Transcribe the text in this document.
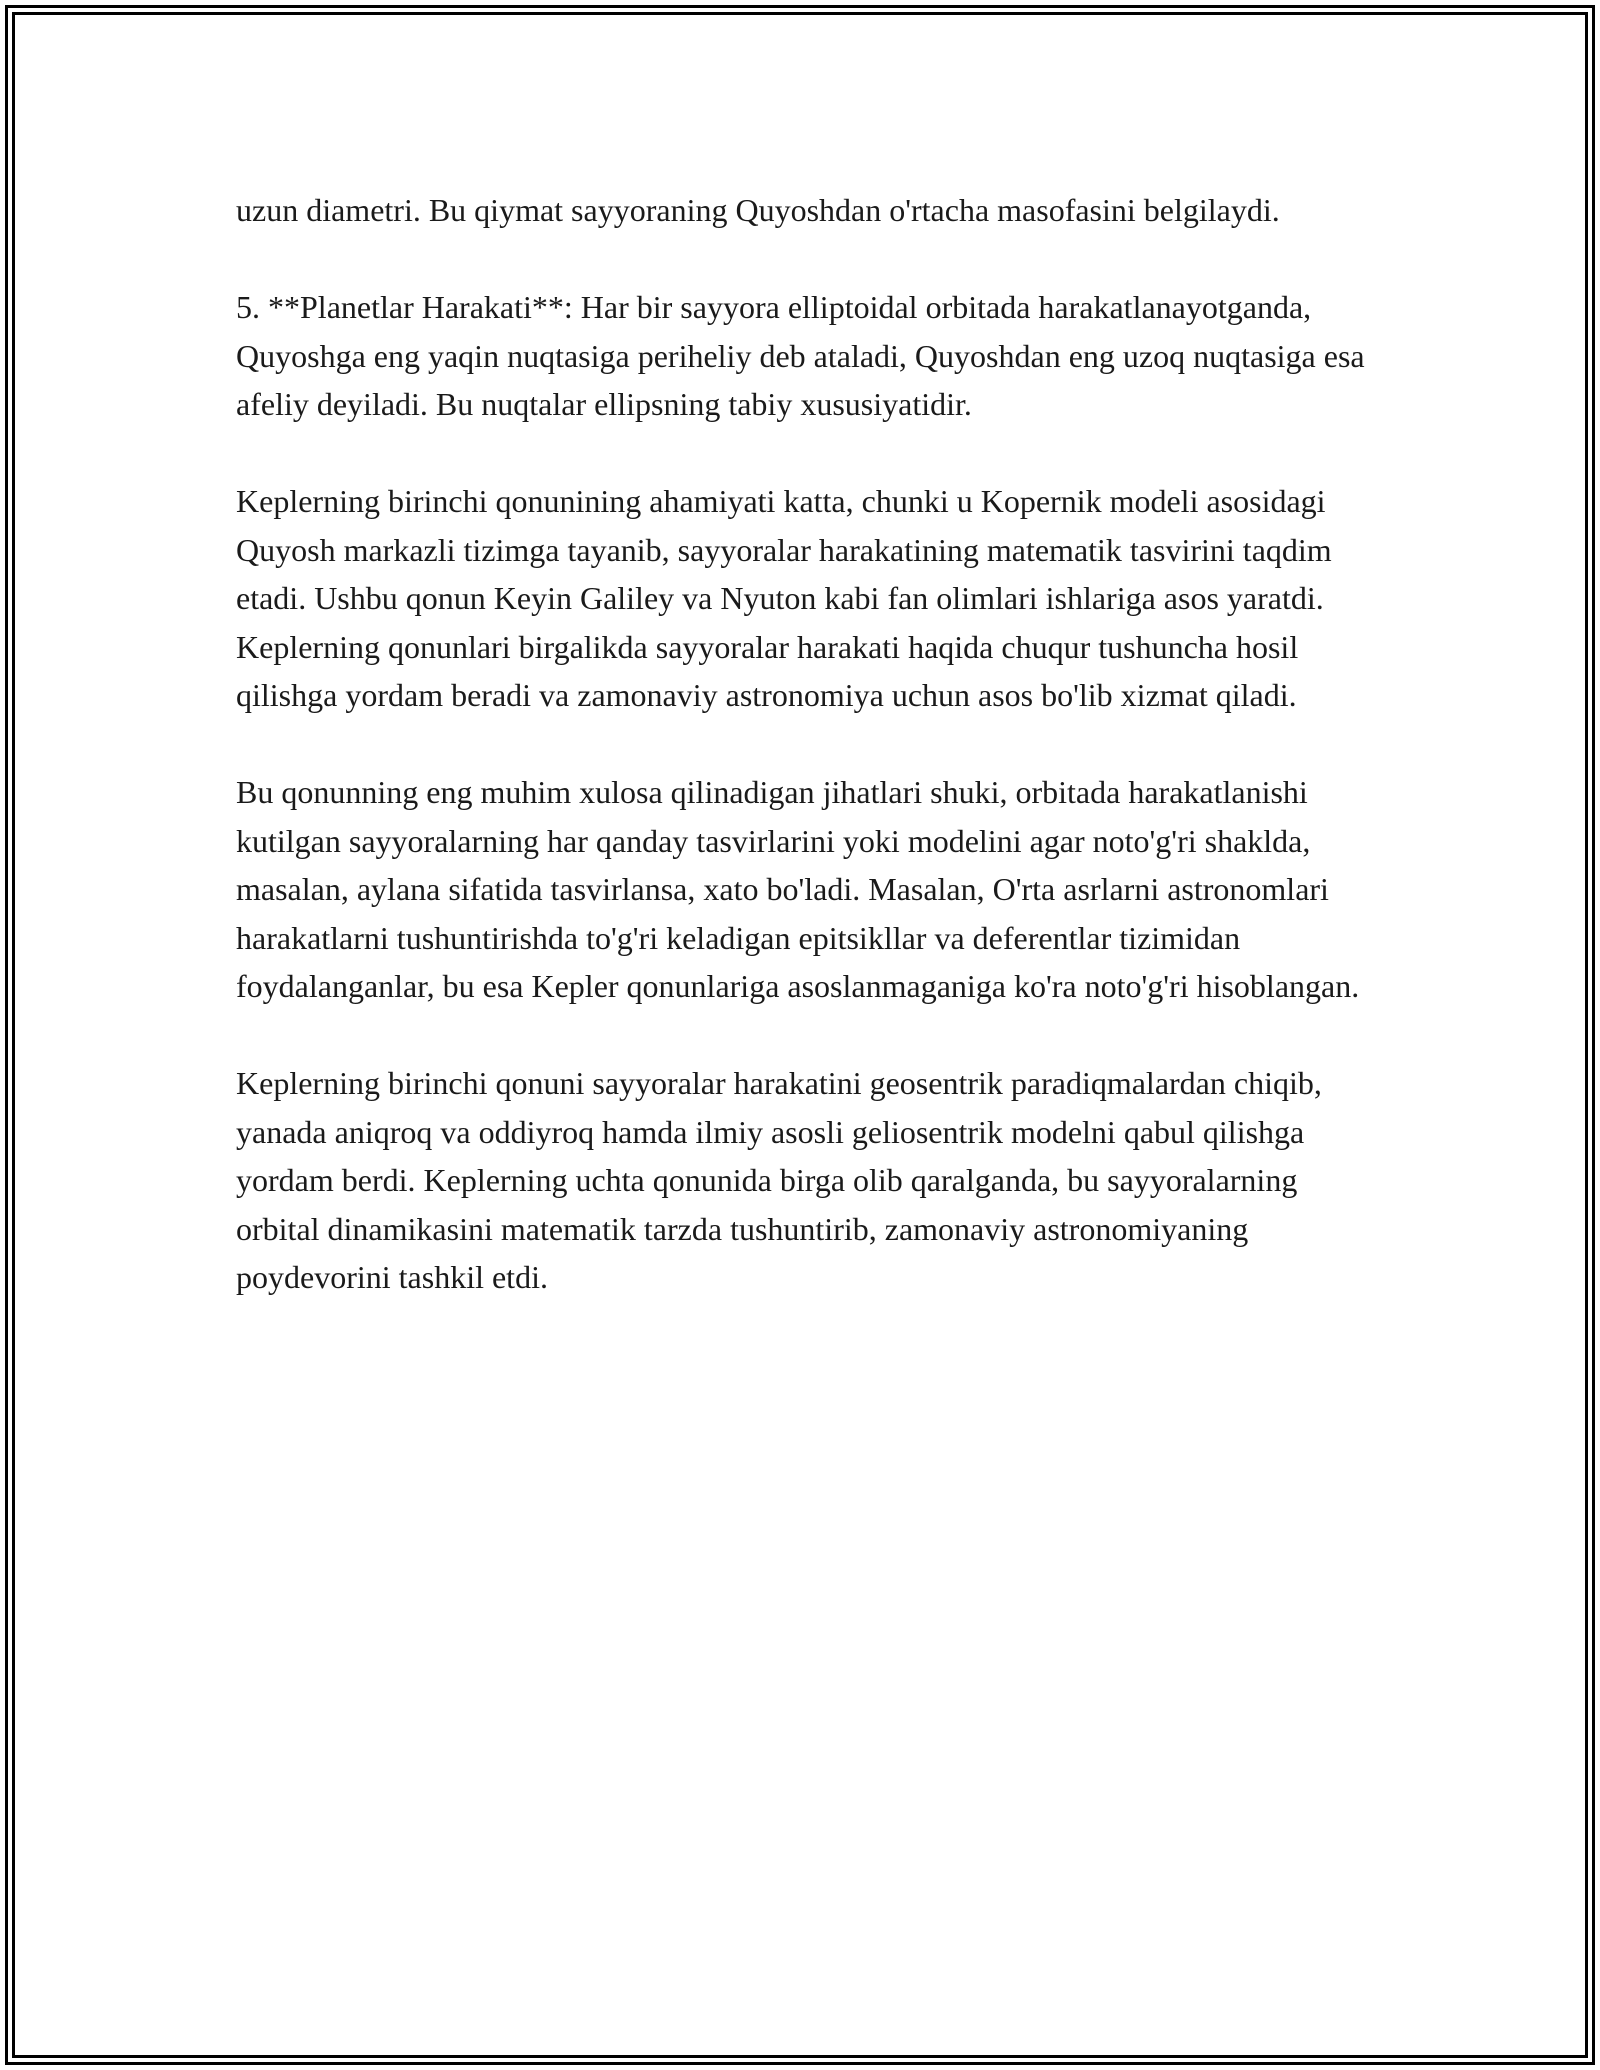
uzun diametri. Bu qiymat sayyoraning Quyoshdan o'rtacha masofasini belgilaydi.

5. **Planetlar Harakati**: Har bir sayyora elliptoidal orbitada harakatlanayotganda, Quyoshga eng yaqin nuqtasiga periheliy deb ataladi, Quyoshdan eng uzoq nuqtasiga esa afeliy deyiladi. Bu nuqtalar ellipsning tabiy xususiyatidir.

Keplerning birinchi qonunining ahamiyati katta, chunki u Kopernik modeli asosidagi Quyosh markazli tizimga tayanib, sayyoralar harakatining matematik tasvirini taqdim etadi. Ushbu qonun Keyin Galiley va Nyuton kabi fan olimlari ishlariga asos yaratdi. Keplerning qonunlari birgalikda sayyoralar harakati haqida chuqur tushuncha hosil qilishga yordam beradi va zamonaviy astronomiya uchun asos bo'lib xizmat qiladi.

Bu qonunning eng muhim xulosa qilinadigan jihatlari shuki, orbitada harakatlanishi kutilgan sayyoralarning har qanday tasvirlarini yoki modelini agar noto'g'ri shaklda, masalan, aylana sifatida tasvirlansa, xato bo'ladi. Masalan, O'rta asrlarni astronomlari harakatlarni tushuntirishda to'g'ri keladigan epitsikllar va deferentlar tizimidan foydalanganlar, bu esa Kepler qonunlariga asoslanmaganiga ko'ra noto'g'ri hisoblangan.

Keplerning birinchi qonuni sayyoralar harakatini geosentrik paradiqmalardan chiqib, yanada aniqroq va oddiyroq hamda ilmiy asosli geliosentrik modelni qabul qilishga yordam berdi. Keplerning uchta qonunida birga olib qaralganda, bu sayyoralarning orbital dinamikasini matematik tarzda tushuntirib, zamonaviy astronomiyaning poydevorini tashkil etdi.
